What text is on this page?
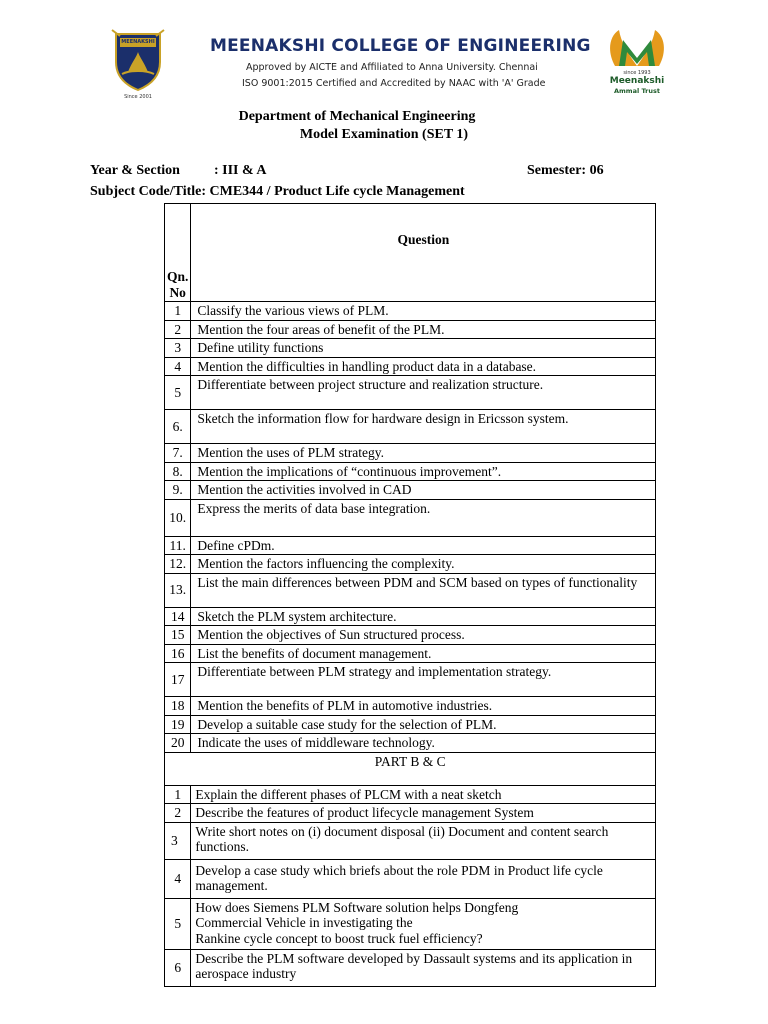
MEENAKSHI
Since 2001
MEENAKSHI COLLEGE OF ENGINEERING
Approved by AICTE and Affiliated to Anna University. Chennai
ISO 9001:2015 Certified and Accredited by NAAC with 'A' Grade
since 1993
Meenakshi
Ammal Trust
Department of Mechanical Engineering
Model Examination (SET 1)
Year & Section : III & A	Semester: 06
Subject Code/Title: CME344 / Product Life cycle Management
Qn. No	Question
1	Classify the various views of PLM.
2	Mention the four areas of benefit of the PLM.
3	Define utility functions
4	Mention the difficulties in handling product data in a database.
5	Differentiate between project structure and realization structure.
6.	Sketch the information flow for hardware design in Ericsson system.
7.	Mention the uses of PLM strategy.
8.	Mention the implications of “continuous improvement”.
9.	Mention the activities involved in CAD
10.	Express the merits of data base integration.
11.	Define cPDm.
12.	Mention the factors influencing the complexity.
13.	List the main differences between PDM and SCM based on types of functionality
14	Sketch the PLM system architecture.
15	Mention the objectives of Sun structured process.
16	List the benefits of document management.
17	Differentiate between PLM strategy and implementation strategy.
18	Mention the benefits of PLM in automotive industries.
19	Develop a suitable case study for the selection of PLM.
20	Indicate the uses of middleware technology.
PART B & C	
1	Explain the different phases of PLCM with a neat sketch
2	Describe the features of product lifecycle management System
3	Write short notes on (i) document disposal (ii) Document and content search
functions.

4	Develop a case study which briefs about the role PDM in Product life cycle management.
5	How does Siemens PLM Software solution helps Dongfeng
Commercial Vehicle in investigating the
Rankine cycle concept to boost truck fuel efficiency?

6	Describe the PLM software developed by Dassault systems and its application in aerospace industry
